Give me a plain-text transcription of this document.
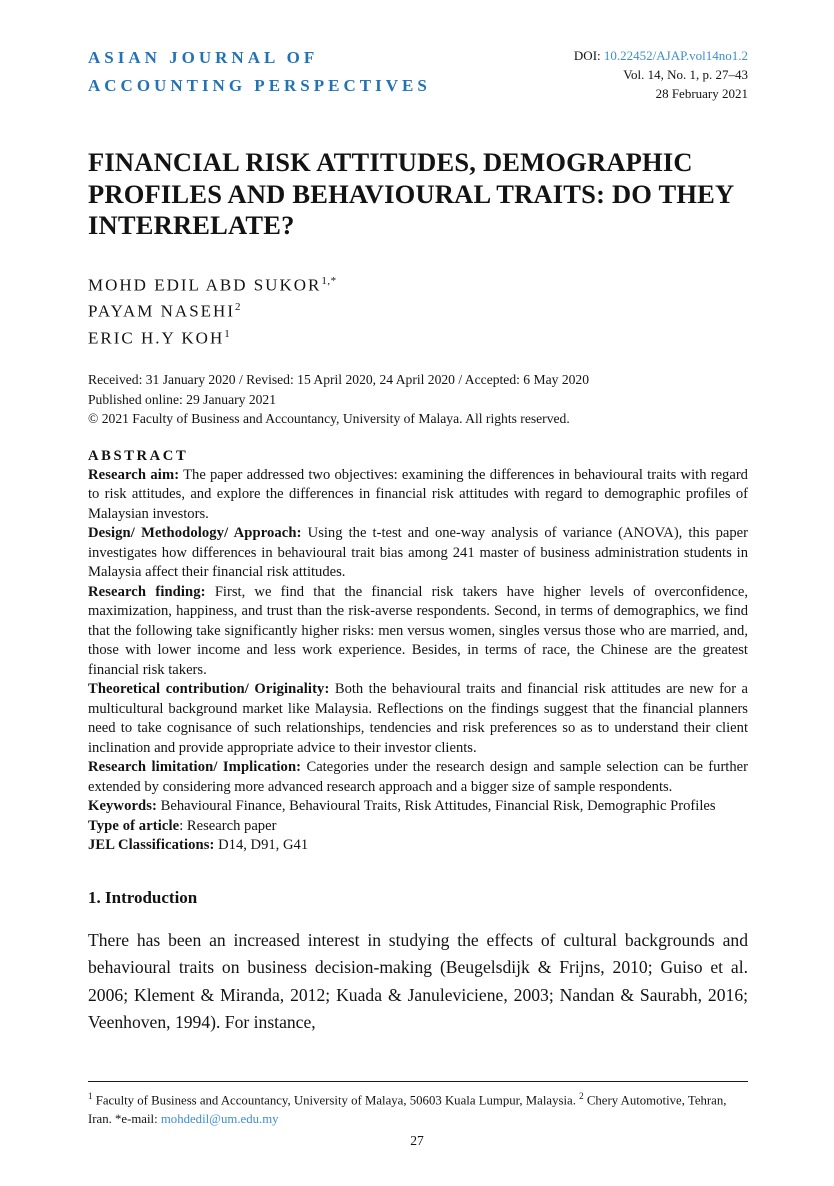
ASIAN JOURNAL OF
ACCOUNTING PERSPECTIVES
DOI: 10.22452/AJAP.vol14no1.2
Vol. 14, No. 1, p. 27–43
28 February 2021
FINANCIAL RISK ATTITUDES, DEMOGRAPHIC PROFILES AND BEHAVIOURAL TRAITS: DO THEY INTERRELATE?
MOHD EDIL ABD $SUKOR^{1,*}$
PAYAM NASEHI$^2$
ERIC H.Y KOH$^1$
Received: 31 January 2020 / Revised: 15 April 2020, 24 April 2020 / Accepted: 6 May 2020
Published online: 29 January 2021
© 2021 Faculty of Business and Accountancy, University of Malaya. All rights reserved.
ABSTRACT

Research aim: The paper addressed two objectives: examining the differences in behavioural traits with regard to risk attitudes, and explore the differences in financial risk attitudes with regard to demographic profiles of Malaysian investors.

Design/ Methodology/ Approach: Using the t-test and one-way analysis of variance (ANOVA), this paper investigates how differences in behavioural trait bias among 241 master of business administration students in Malaysia affect their financial risk attitudes.

Research finding: First, we find that the financial risk takers have higher levels of overconfidence, maximization, happiness, and trust than the risk-averse respondents. Second, in terms of demographics, we find that the following take significantly higher risks: men versus women, singles versus those who are married, and, those with lower income and less work experience. Besides, in terms of race, the Chinese are the greatest financial risk takers.

Theoretical contribution/ Originality: Both the behavioural traits and financial risk attitudes are new for a multicultural background market like Malaysia. Reflections on the findings suggest that the financial planners need to take cognisance of such relationships, tendencies and risk preferences so as to understand their client inclination and provide appropriate advice to their investor clients.

Research limitation/ Implication: Categories under the research design and sample selection can be further extended by considering more advanced research approach and a bigger size of sample respondents.

Keywords: Behavioural Finance, Behavioural Traits, Risk Attitudes, Financial Risk, Demographic Profiles

Type of article: Research paper

JEL Classifications: D14, D91, G41

1. Introduction

There has been an increased interest in studying the effects of cultural backgrounds and behavioural traits on business decision-making (Beugelsdijk & Frijns, 2010; Guiso et al. 2006; Klement & Miranda, 2012; Kuada & Januleviciene, 2003; Nandan & Saurabh, 2016; Veenhoven, 1994). For instance,

$^1$ Faculty of Business and Accountancy, University of Malaya, 50603 Kuala Lumpur, Malaysia. $^2$ Chery Automotive, Tehran, Iran. *e-mail: mohdedil@um.edu.my
27
